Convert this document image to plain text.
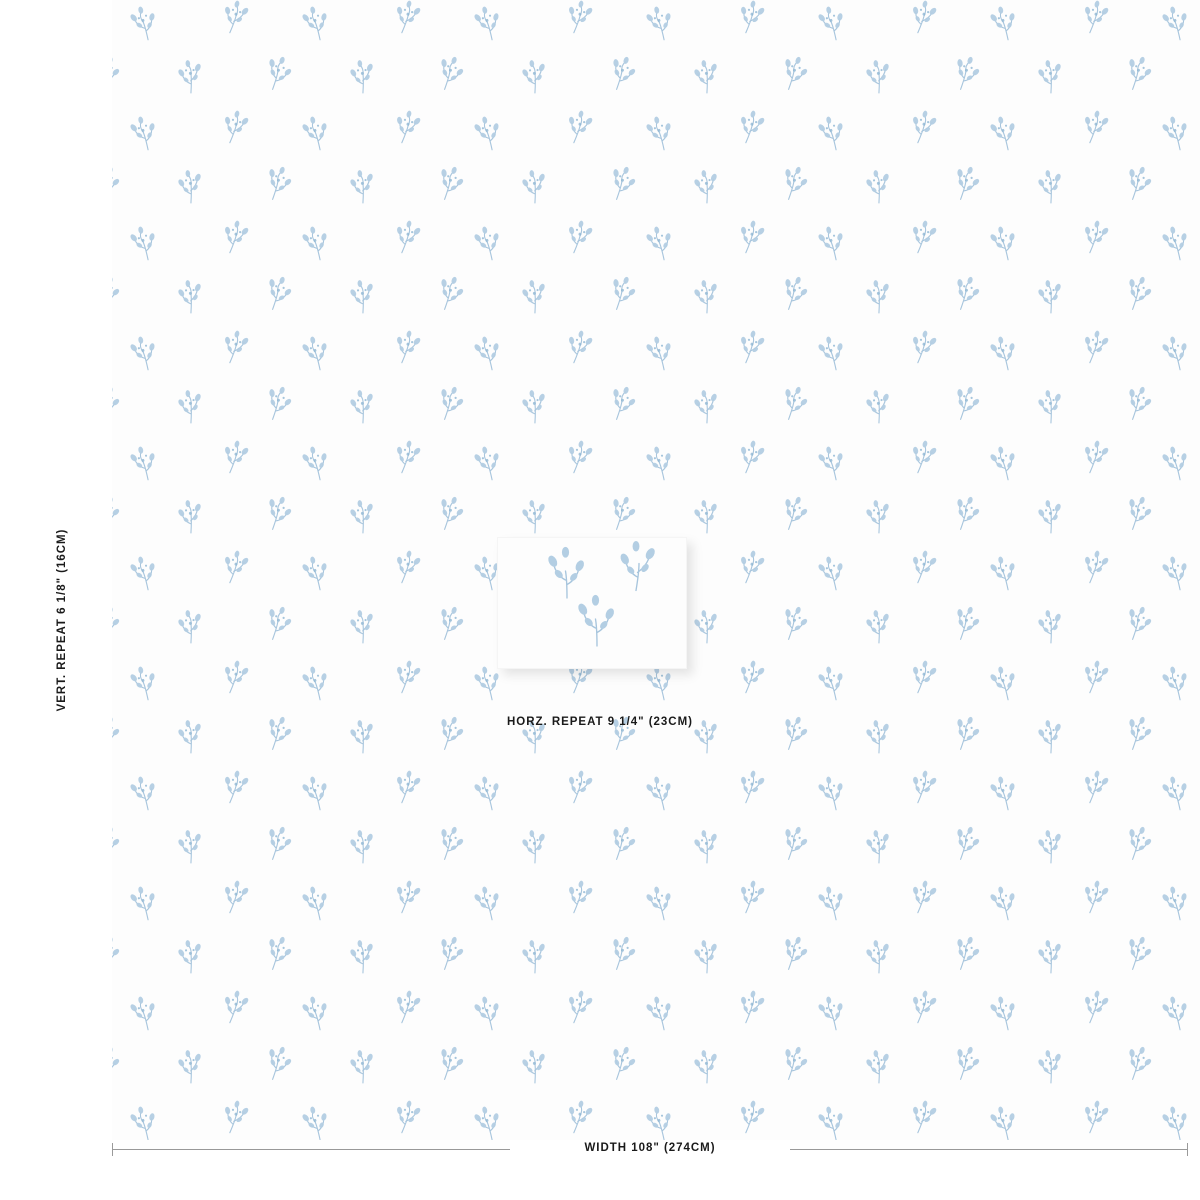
VERT. REPEAT 6 1/8" (16CM)
HORZ. REPEAT 9 1/4" (23CM)
WIDTH 108" (274CM)
